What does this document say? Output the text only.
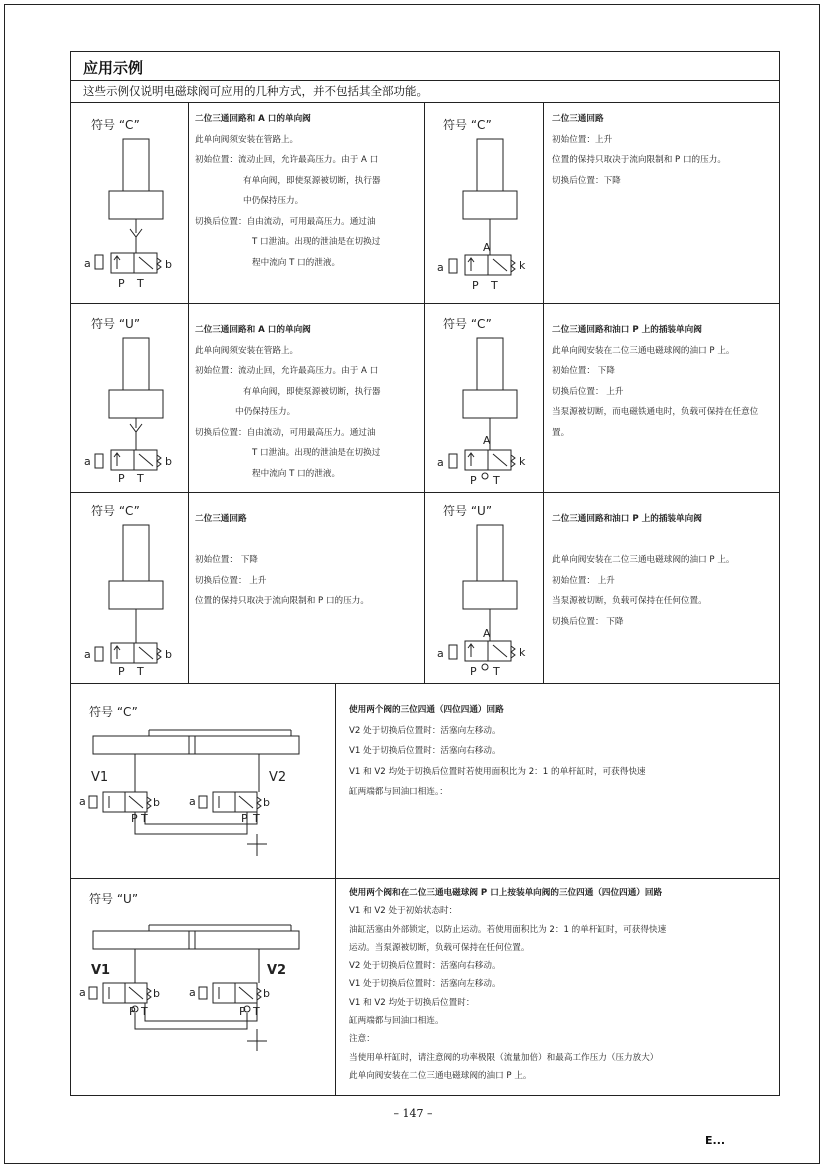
应用示例
这些示例仅说明电磁球阀可应用的几种方式，并不包括其全部功能。
符号 “C”
a	b
P T
二位三通回路和 A 口的单向阀
此单向阀须安装在管路上。
初始位置：流动止回，允许最高压力。由于 A 口
有单向阀，即使泵源被切断，执行器
中仍保持压力。
切换后位置：自由流动，可用最高压力。通过油
T 口泄油。出现的泄油是在切换过
程中流向 T 口的泄液。
符号 “C”
A
a	k
P T
二位三通回路
初始位置：上升
位置的保持只取决于流向限制和 P 口的压力。
切换后位置：下降
符号 “U”
a	b
P T
二位三通回路和 A 口的单向阀
此单向阀须安装在管路上。
初始位置：流动止回，允许最高压力。由于 A 口
有单向阀，即使泵源被切断，执行器
中仍保持压力。
切换后位置：自由流动，可用最高压力。通过油
T 口泄油。出现的泄油是在切换过
程中流向 T 口的泄液。
符号 “C”
A
a	k
P T
二位三通回路和油口 P 上的插装单向阀
此单向阀安装在二位三通电磁球阀的油口 P 上。
初始位置： 下降
切换后位置： 上升
当泵源被切断，而电磁铁通电时，负载可保持在任意位
置。
符号 “C”
a	b
P T
二位三通回路

初始位置： 下降
切换后位置： 上升
位置的保持只取决于流向限制和 P 口的压力。
符号 “U”
A
a	k
P T
二位三通回路和油口 P 上的插装单向阀

此单向阀安装在二位三通电磁球阀的油口 P 上。
初始位置： 上升
当泵源被切断，负载可保持在任何位置。
切换后位置： 下降
符号 “C”
V1	V2
a	b	a	b
P T	P T
使用两个阀的三位四通（四位四通）回路
V2 处于切换后位置时：活塞向左移动。
V1 处于切换后位置时：活塞向右移动。
V1 和 V2 均处于切换后位置时若使用面积比为 2：1 的单杆缸时，可获得快速
缸两端都与回油口相连。：
符号 “U”
V1	V2
a	b	a	b
P T	P T
使用两个阀和在二位三通电磁球阀 P 口上按装单向阀的三位四通（四位四通）回路
V1 和 V2 处于初始状态时：
油缸活塞由外部锁定，以防止运动。若使用面积比为 2：1 的单杆缸时，可获得快速
运动。当泵源被切断，负载可保持在任何位置。
V2 处于切换后位置时：活塞向右移动。
V1 处于切换后位置时：活塞向左移动。
V1 和 V2 均处于切换后位置时：
缸两端都与回油口相连。
注意：
当使用单杆缸时，请注意阀的功率极限（流量加倍）和最高工作压力（压力放大）
此单向阀安装在二位三通电磁球阀的油口 P 上。
– 147 –
E...
